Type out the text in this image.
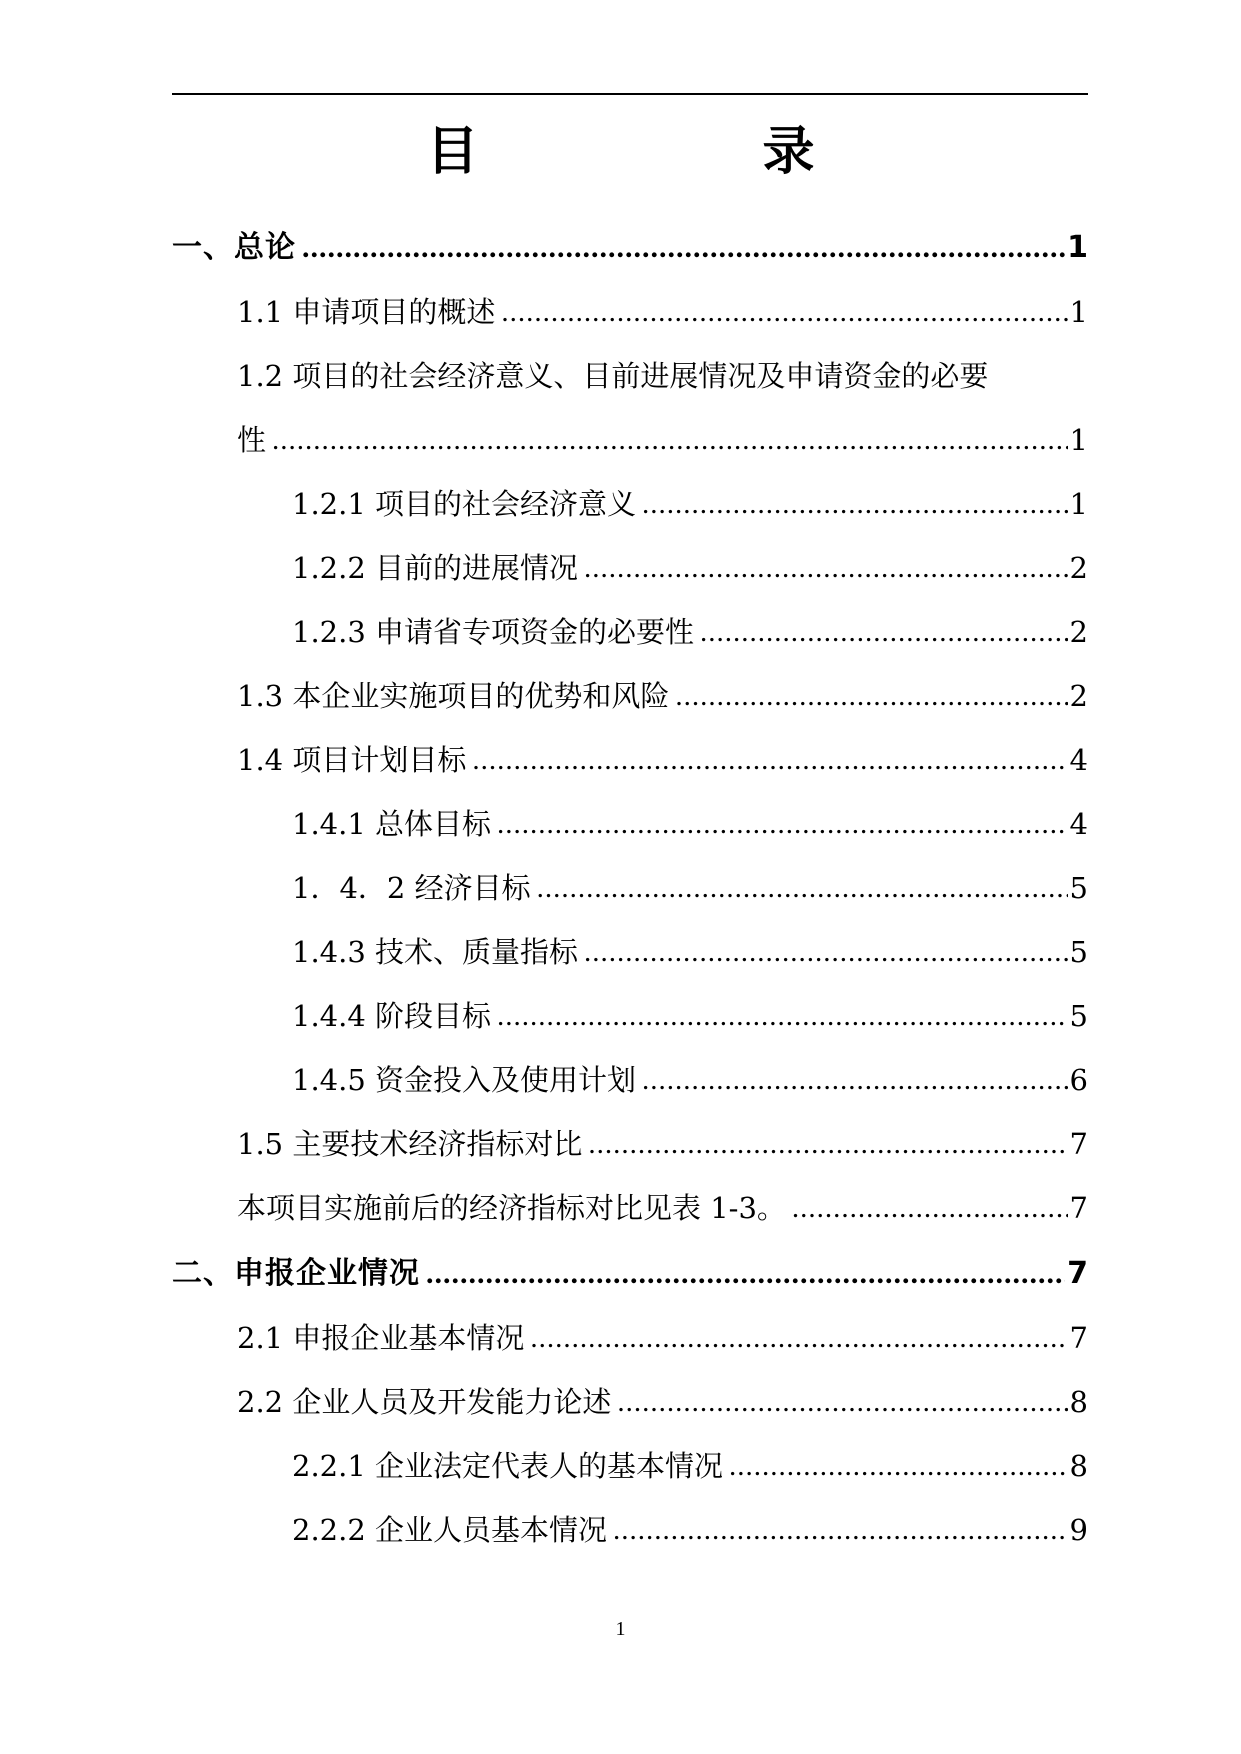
目　　录
一、总论 .....	1
1.1 申请项目的概述 .....	1
1.2 项目的社会经济意义、目前进展情况及申请资金的必要
性 .....	1
1.2.1 项目的社会经济意义 .....	1
1.2.2 目前的进展情况 .....	2
1.2.3 申请省专项资金的必要性 .....	2
1.3 本企业实施项目的优势和风险 .....	2
1.4 项目计划目标 .....	4
1.4.1 总体目标 .....	4
1．4．2 经济目标 .....	5
1.4.3 技术、质量指标 .....	5
1.4.4 阶段目标 .....	5
1.4.5 资金投入及使用计划 .....	6
1.5 主要技术经济指标对比 .....	7
本项目实施前后的经济指标对比见表 1-3。 .....	7
二、申报企业情况 .....	7
2.1 申报企业基本情况 .....	7
2.2 企业人员及开发能力论述 .....	8
2.2.1 企业法定代表人的基本情况 .....	8
2.2.2 企业人员基本情况 .....	9
1
